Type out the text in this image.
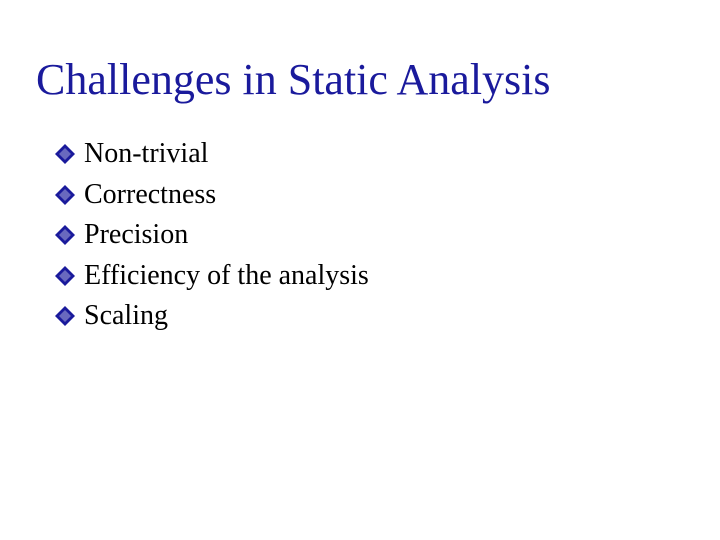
Challenges in Static Analysis
Non-trivial
Correctness
Precision
Efficiency of the analysis
Scaling
